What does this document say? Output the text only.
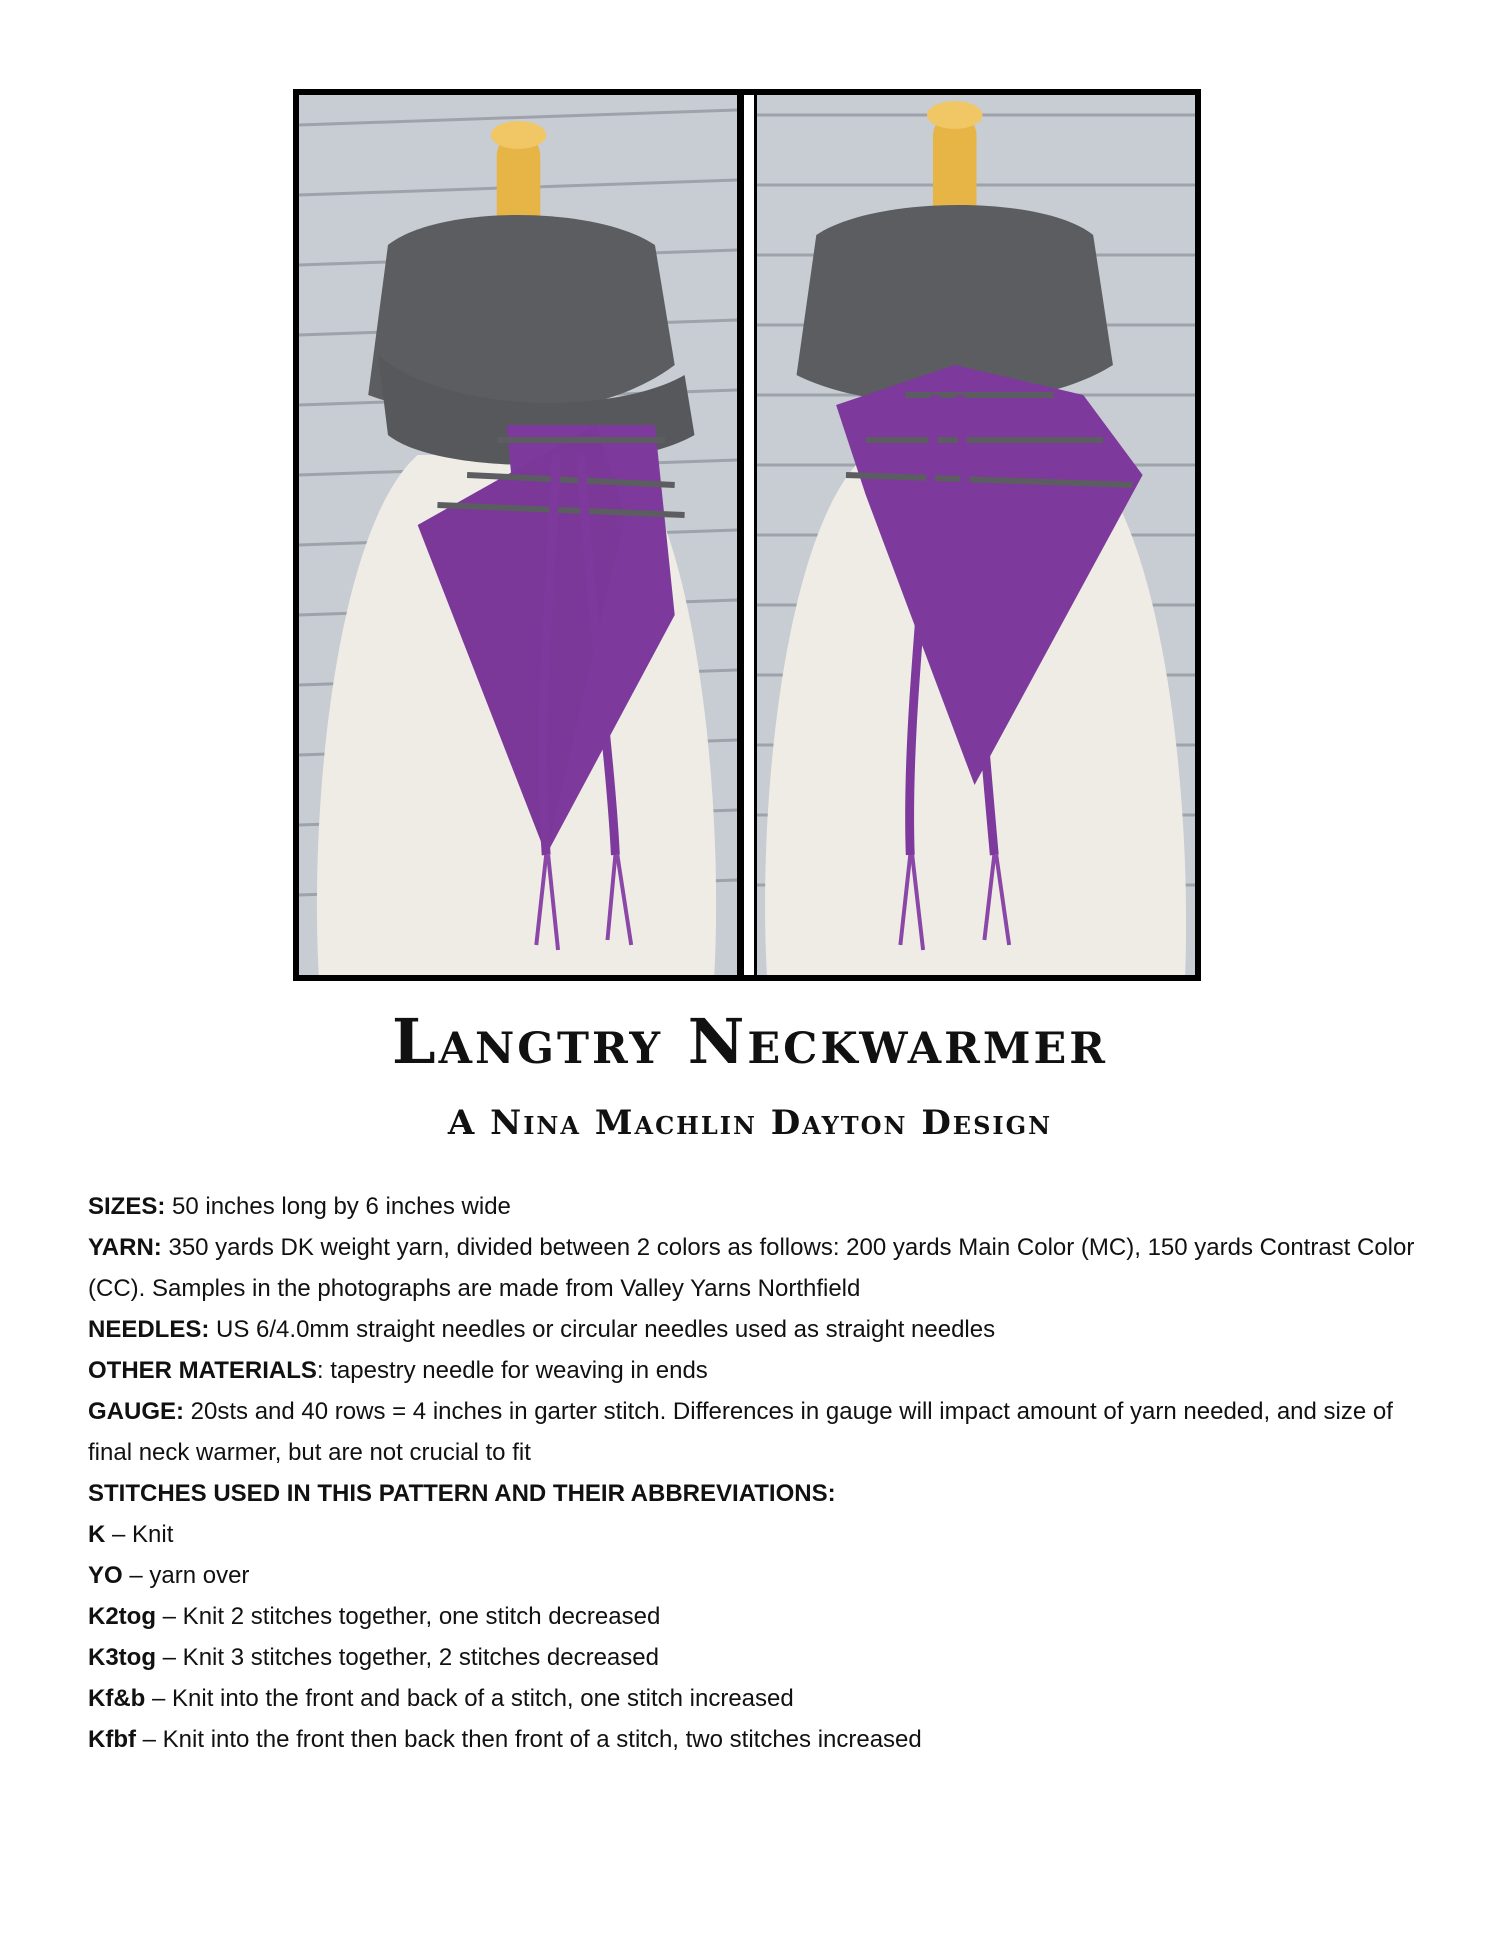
Langtry Neckwarmer
A Nina Machlin Dayton Design

SIZES: 50 inches long by 6 inches wide

YARN: 350 yards DK weight yarn, divided between 2 colors as follows: 200 yards Main Color (MC), 150 yards Contrast Color (CC). Samples in the photographs are made from Valley Yarns Northfield

NEEDLES: US 6/4.0mm straight needles or circular needles used as straight needles

OTHER MATERIALS: tapestry needle for weaving in ends

GAUGE: 20sts and 40 rows = 4 inches in garter stitch. Differences in gauge will impact amount of yarn needed, and size of final neck warmer, but are not crucial to fit

STITCHES USED IN THIS PATTERN AND THEIR ABBREVIATIONS:

K – Knit

YO – yarn over

K2tog – Knit 2 stitches together, one stitch decreased

K3tog – Knit 3 stitches together, 2 stitches decreased

Kf&b – Knit into the front and back of a stitch, one stitch increased

Kfbf – Knit into the front then back then front of a stitch, two stitches increased
